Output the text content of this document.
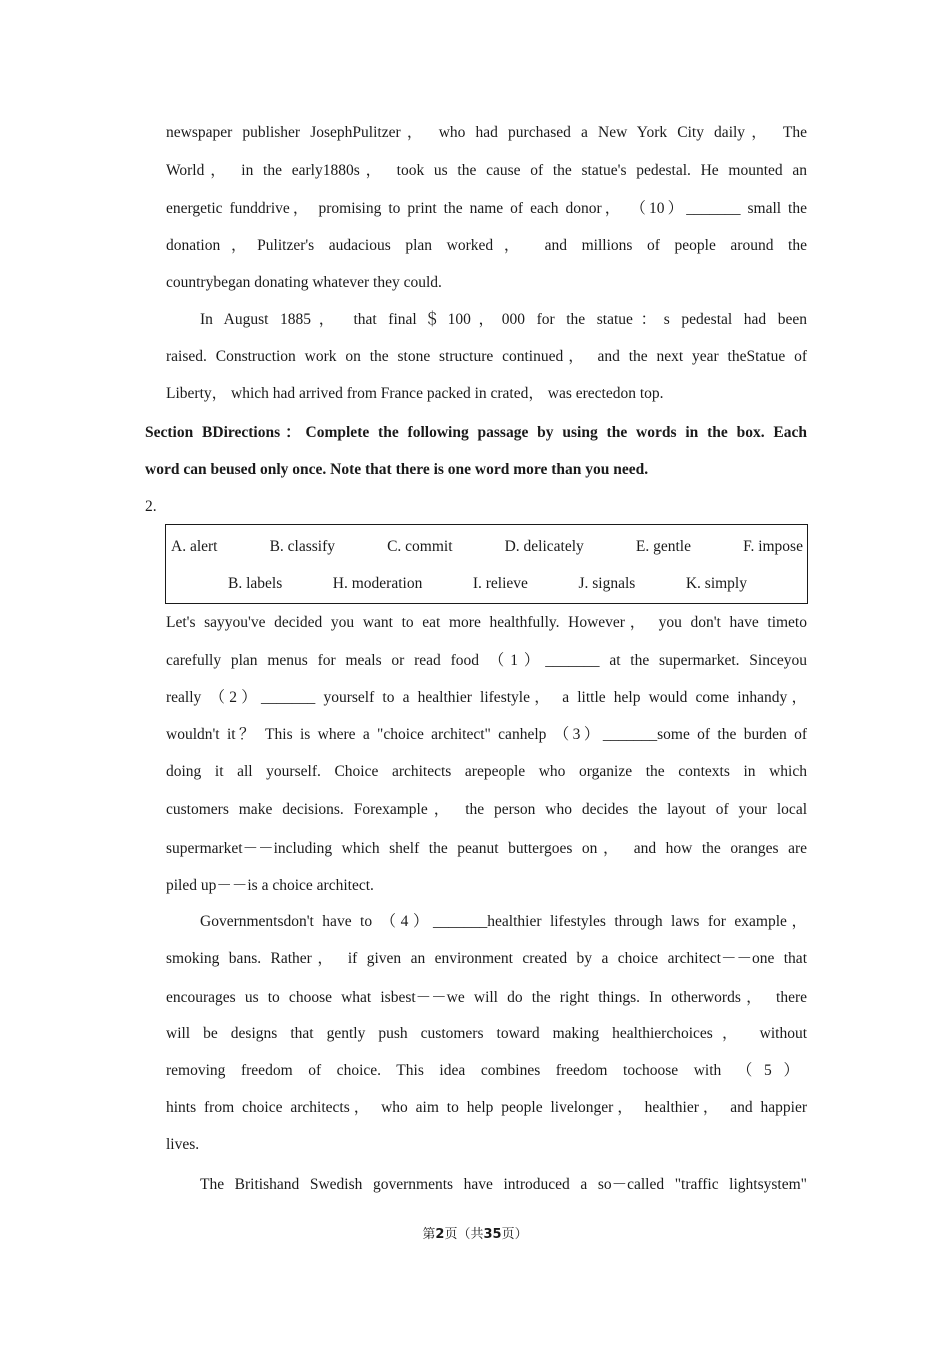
newspaper publisher JosephPulitzer， who had purchased a New York City daily， The
World， in the early1880s， took us the cause of the statue's pedestal. He mounted an
energetic funddrive， promising to print the name of each donor， （10）_______ small the
donation，Pulitzer's audacious plan worked， and millions of people around the
countrybegan donating whatever they could.
In August 1885， that final＄100，000 for the statue：s pedestal had been
raised. Construction work on the stone structure continued， and the next year theStatue of
Liberty， which had arrived from France packed in crated， was erectedon top.
Section BDirections：Complete the following passage by using the words in the box. Each
word can beused only once. Note that there is one word more than you need.
2.
A. alert	B. classify	C. commit	D. delicately	E. gentle	F. impose
B. labels	H. moderation	I. relieve	J. signals	K. simply
Let's sayyou've decided you want to eat more healthfully. However， you don't have timeto
carefully plan menus for meals or read food （1）_______ at the supermarket. Sinceyou
really （2）_______ yourself to a healthier lifestyle， a little help would come inhandy，
wouldn't it？ This is where a "choice architect" canhelp （3）_______some of the burden of
doing it all yourself. Choice architects arepeople who organize the contexts in which
customers make decisions. Forexample， the person who decides the layout of your local
supermarket－－including which shelf the peanut buttergoes on， and how the oranges are
piled up－－is a choice architect.
Governmentsdon't have to （4）_______healthier lifestyles through laws for example，
smoking bans. Rather， if given an environment created by a choice architect－－one that
encourages us to choose what isbest－－we will do the right things. In otherwords， there
will be designs that gently push customers toward making healthierchoices， without
removing freedom of choice. This idea combines freedom tochoose with （5）
hints from choice architects， who aim to help people livelonger， healthier， and happier
lives.
The Britishand Swedish governments have introduced a so－called "traffic lightsystem"
第2页（共35页）
